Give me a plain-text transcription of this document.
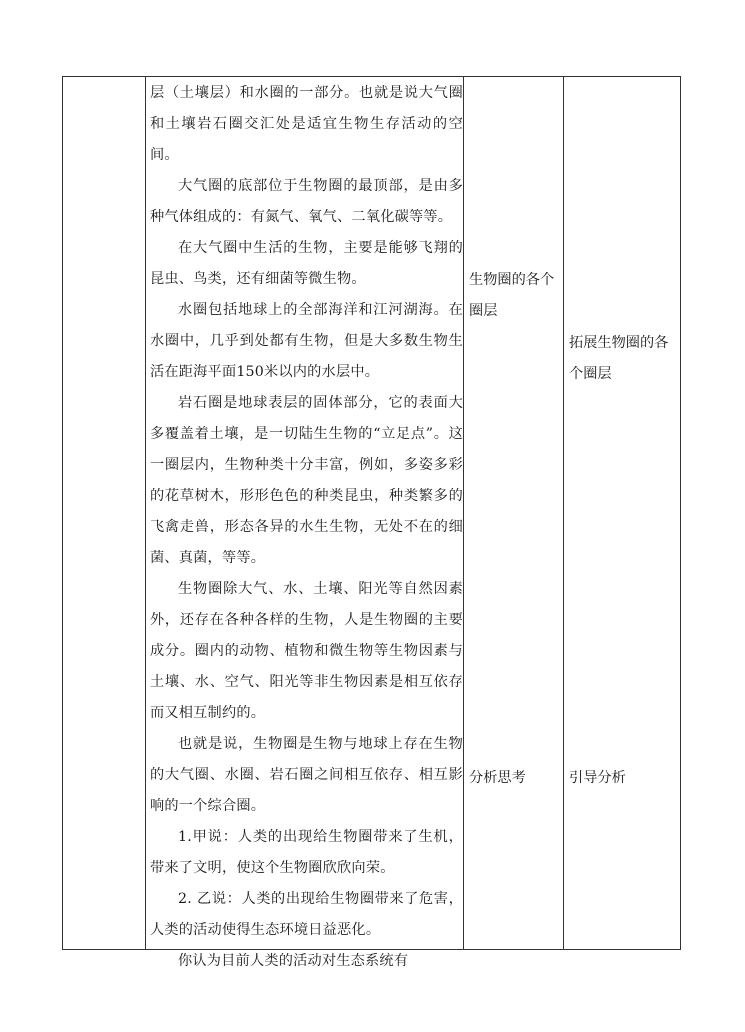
层（土壤层）和水圈的一部分。也就是说大气圈和土壤岩石圈交汇处是适宜生物生存活动的空间。

大气圈的底部位于生物圈的最顶部，是由多种气体组成的：有氮气、氧气、二氧化碳等等。

在大气圈中生活的生物，主要是能够飞翔的昆虫、鸟类，还有细菌等微生物。

水圈包括地球上的全部海洋和江河湖海。在水圈中，几乎到处都有生物，但是大多数生物生活在距海平面150米以内的水层中。

岩石圈是地球表层的固体部分，它的表面大多覆盖着土壤，是一切陆生生物的“立足点”。这一圈层内，生物种类十分丰富，例如，多姿多彩的花草树木，形形色色的种类昆虫，种类繁多的飞禽走兽，形态各异的水生生物，无处不在的细菌、真菌，等等。

生物圈除大气、水、土壤、阳光等自然因素外，还存在各种各样的生物，人是生物圈的主要成分。圈内的动物、植物和微生物等生物因素与土壤、水、空气、阳光等非生物因素是相互依存而又相互制约的。

也就是说，生物圈是生物与地球上存在生物的大气圈、水圈、岩石圈之间相互依存、相互影响的一个综合圈。

1.甲说：人类的出现给生物圈带来了生机，带来了文明，使这个生物圈欣欣向荣。

2. 乙说：人类的出现给生物圈带来了危害，人类的活动使得生态环境日益恶化。

你认为目前人类的活动对生态系统有

生物圈的各个圈层
分析思考
拓展生物圈的各个圈层
引导分析
